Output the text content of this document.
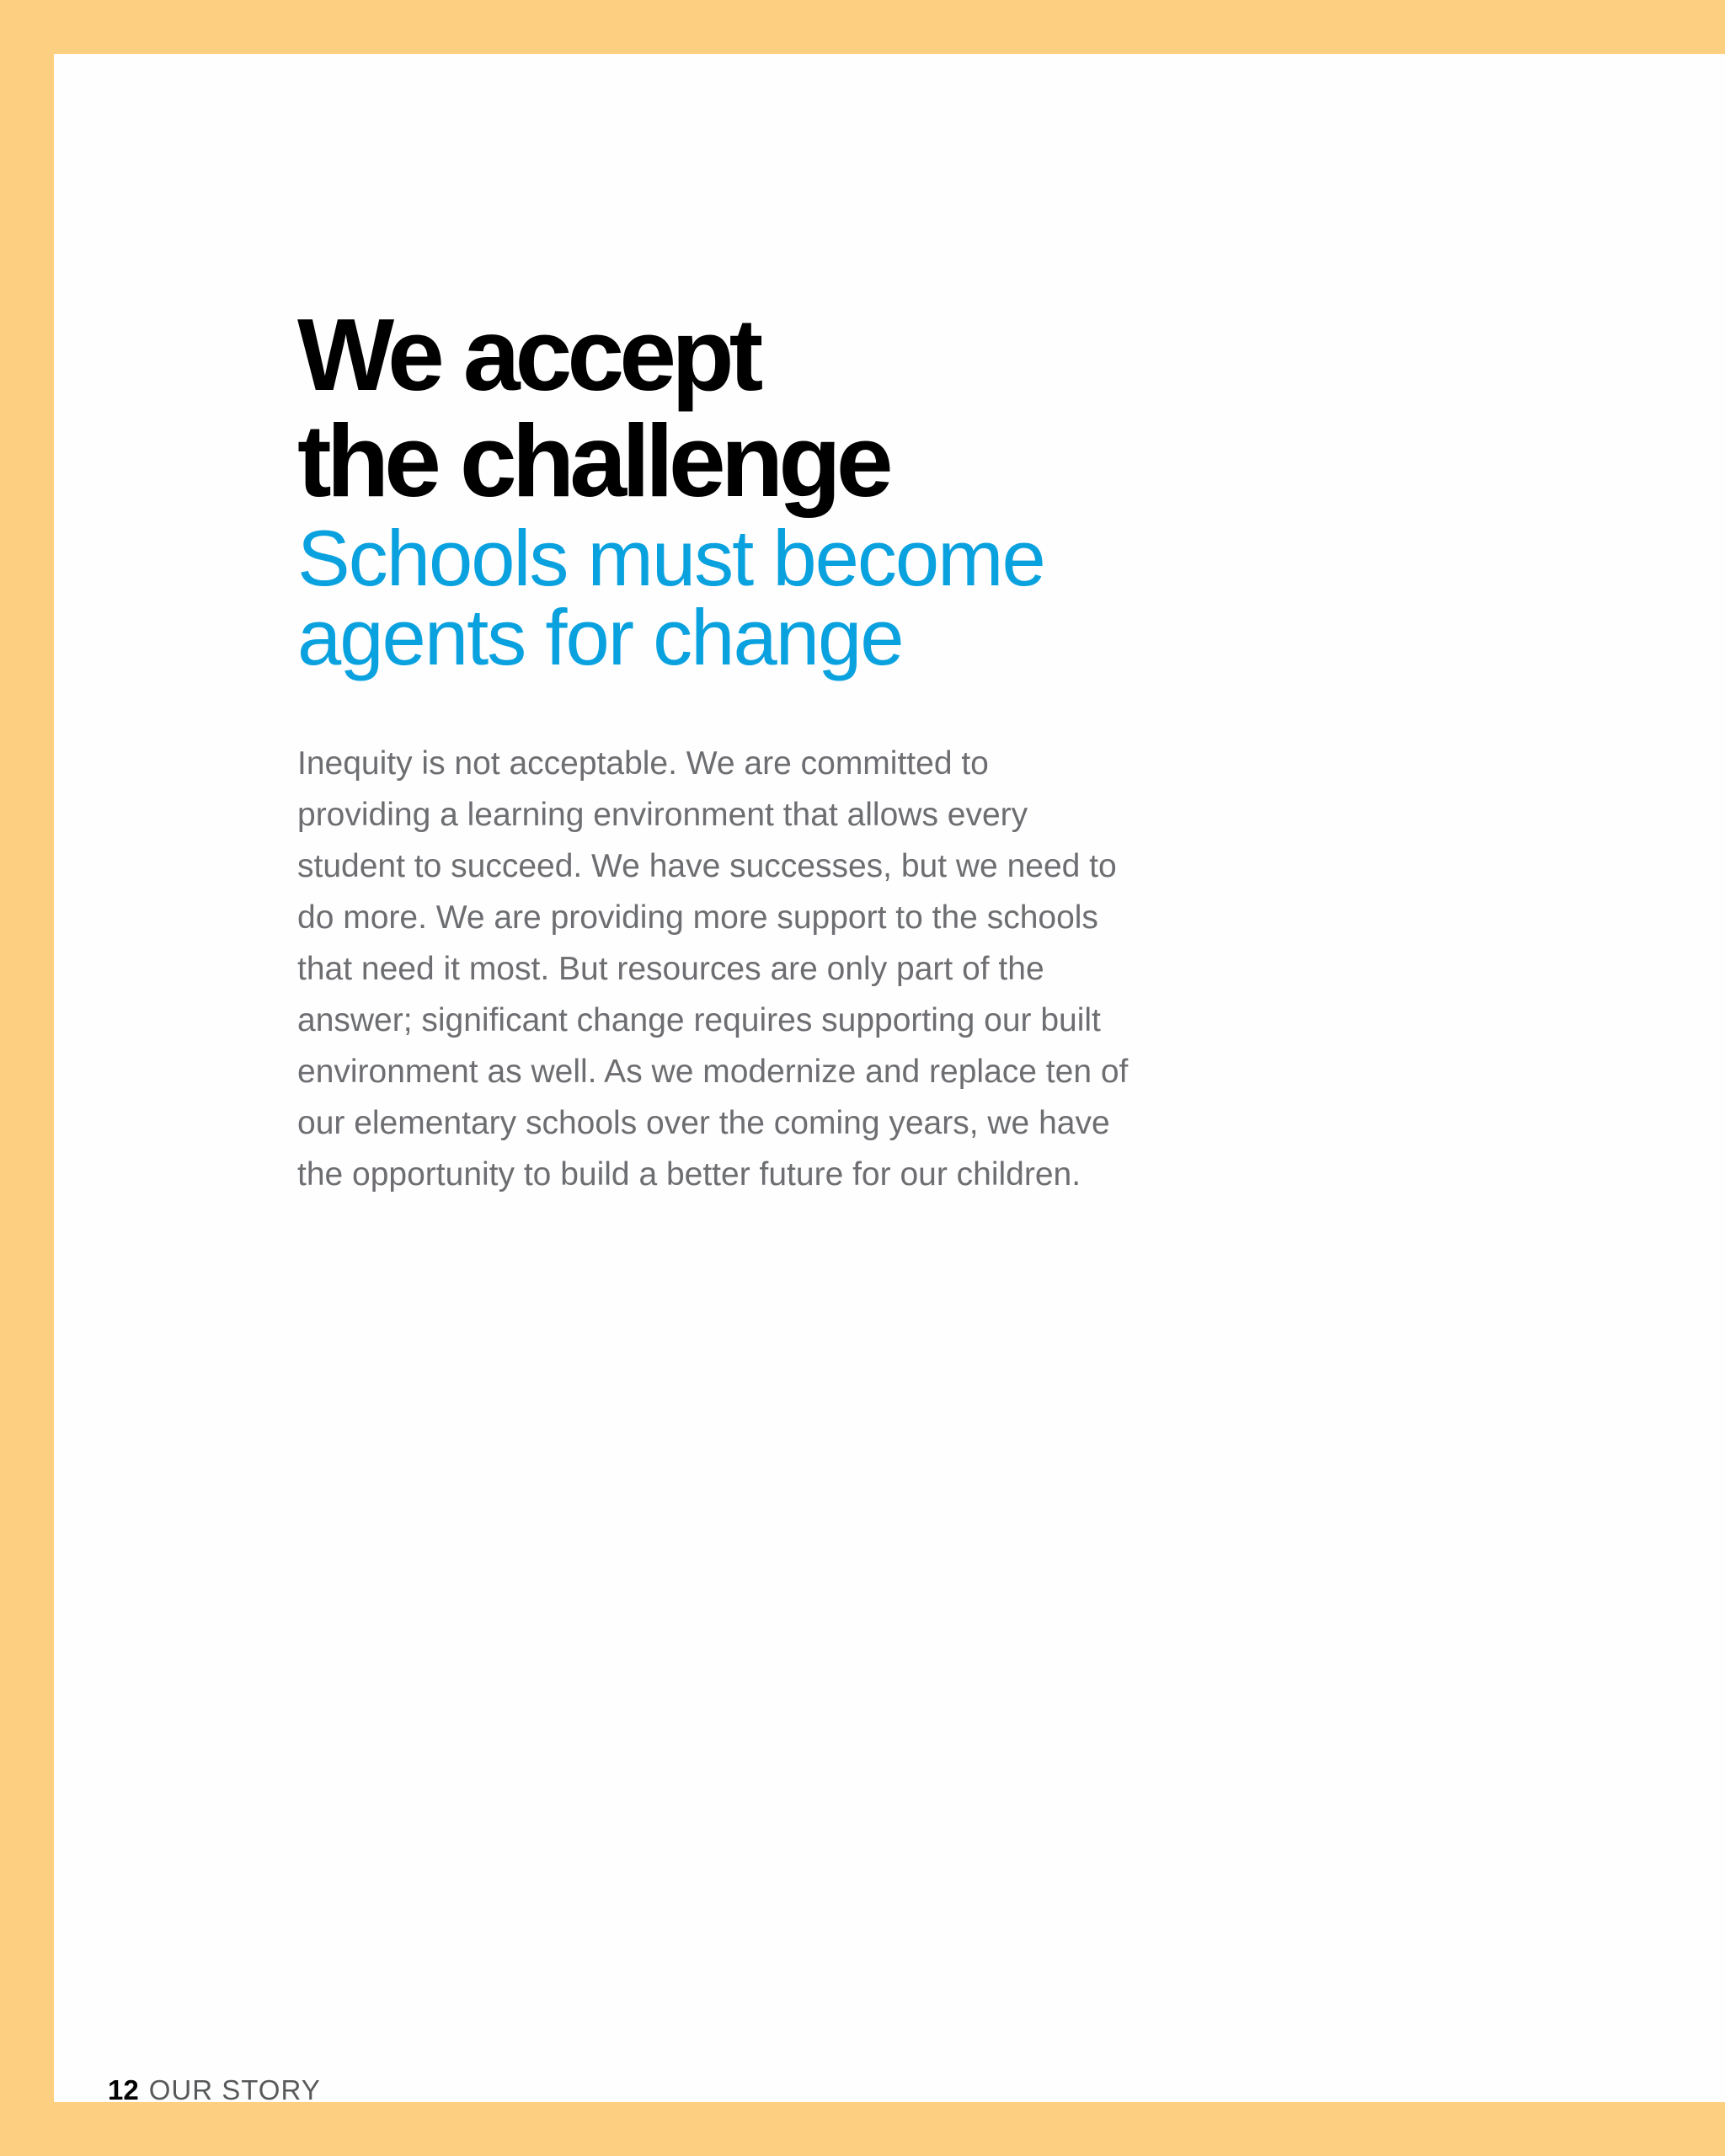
We accept
the challenge
Schools must become
agents for change

Inequity is not acceptable. We are committed to
providing a learning environment that allows every
student to succeed. We have successes, but we need to
do more. We are providing more support to the schools
that need it most. But resources are only part of the
answer; significant change requires supporting our built
environment as well. As we modernize and replace ten of
our elementary schools over the coming years, we have
the opportunity to build a better future for our children.

12 OUR STORY
